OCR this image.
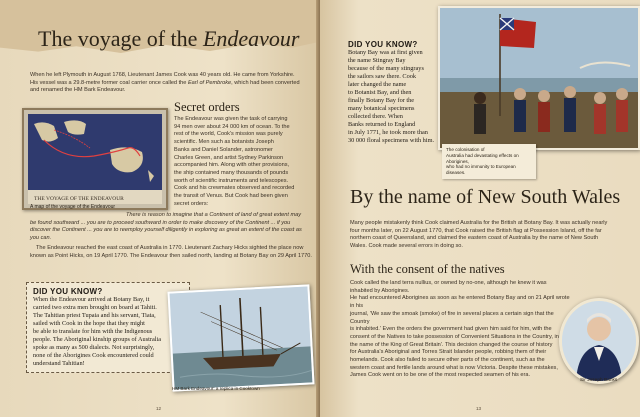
The voyage of the Endeavour
When he left Plymouth in August 1768, Lieutenant James Cook was 40 years old. He came from Yorkshire.
His vessel was a 29.8-metre former coal carrier once called the Earl of Pembroke, which had been converted
and renamed the HM Bark Endeavour.
THE VOYAGE OF THE ENDEAVOUR
A map of the voyage of the Endeavour
Secret orders
The Endeavour was given the task of carrying
94 men over about 24 000 km of ocean. To the
rest of the world, Cook's mission was purely
scientific. Men such as botanists Joseph
Banks and Daniel Solander, astronomer
Charles Green, and artist Sydney Parkinson
accompanied him. Along with other provisions,
the ship contained many thousands of pounds
worth of scientific instruments and telescopes.
Cook and his crewmates observed and recorded
the transit of Venus. But Cook had been given
secret orders:
There is reason to imagine that a Continent of land of great extent may
be found southward ... you are to proceed southward in order to make discovery of the Continent ... if you
discover the Continent ... you are to reemploy yourself diligently in exploring as great an extent of the coast as
you can.
The Endeavour reached the east coast of Australia in 1770. Lieutenant Zachary Hicks sighted the place now
known as Point Hicks, on 19 April 1770. The Endeavour then sailed north, landing at Botany Bay on 29 April 1770.
DID YOU KNOW?
When the Endeavour arrived at Botany Bay, it
carried two extra men brought on board at Tahiti.
The Tahitian priest Tupaia and his servant, Tiata,
sailed with Cook in the hope that they might
be able to translate for him with the Indigenous
people. The Aboriginal kinship groups of Australia
spoke as many as 500 dialects. Not surprisingly,
none of the Aborigines Cook encountered could
understand Tahitian!
HM Bark Endeavour: a replica in Cooktown
12
DID YOU KNOW?
Botany Bay was at first given
the name Stingray Bay
because of the many stingrays
the sailors saw there. Cook
later changed the name
to Botanist Bay, and then
finally Botany Bay for the
many botanical specimens
collected there. When
Banks returned to England
in July 1771, he took more than
30 000 floral specimens with him.
The colonisation of
Australia had devastating effects on Aborigines,
who had no immunity to European diseases.
By the name of New South Wales
Many people mistakenly think Cook claimed Australia for the British at Botany Bay. It was actually nearly
four months later, on 22 August 1770, that Cook raised the British flag at Possession Island, off the far
northern coast of Queensland, and claimed the eastern coast of Australia by the name of New South
Wales. Cook made several errors in doing so.
With the consent of the natives
Cook called the land terra nullius, or owned by no-one, although he knew it was inhabited by Aborigines.
He had encountered Aborigines as soon as he entered Botany Bay and on 21 April wrote in his
journal, 'We saw the smoak (smoke) of fire in several places a certain sign that the Country
is inhabited.' Even the orders the government had given him said for him, with the
consent of the Natives to take possession of Convenient Situations in the Country, in
the name of the King of Great Britain'. This decision changed the course of history
for Australia's Aboriginal and Torres Strait Islander people, robbing them of their
homelands. Cook also failed to secure other parts of the continent, such as the
western coast and fertile lands around what is now Victoria. Despite these mistakes,
James Cook went on to be one of the most respected seamen of his era.
Sir Joseph Banks
13
